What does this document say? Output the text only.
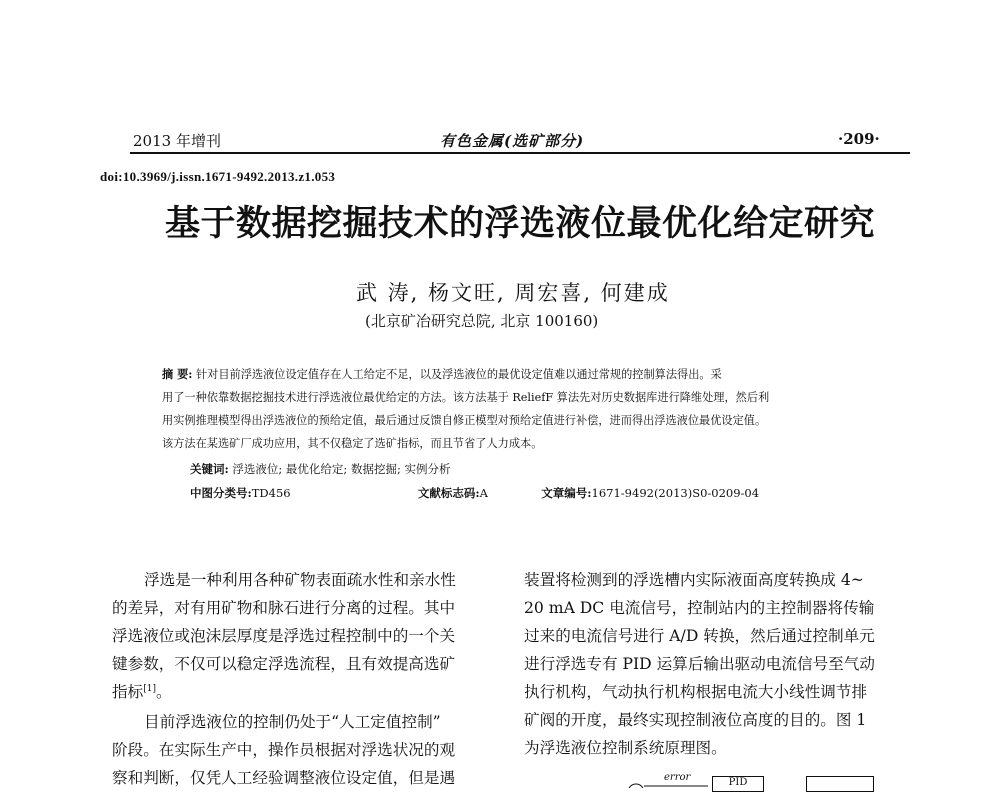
2013 年增刊	有色金属(选矿部分)	·209·
doi:10.3969/j.issn.1671-9492.2013.z1.053
基于数据挖掘技术的浮选液位最优化给定研究
武 涛, 杨文旺, 周宏喜, 何建成
(北京矿冶研究总院, 北京 100160)
摘 要: 针对目前浮选液位设定值存在人工给定不足，以及浮选液位的最优设定值难以通过常规的控制算法得出。采
用了一种依靠数据挖掘技术进行浮选液位最优给定的方法。该方法基于 ReliefF 算法先对历史数据库进行降维处理，然后利
用实例推理模型得出浮选液位的预给定值，最后通过反馈自修正模型对预给定值进行补偿，进而得出浮选液位最优设定值。
该方法在某选矿厂成功应用，其不仅稳定了选矿指标，而且节省了人力成本。
关键词: 浮选液位; 最优化给定; 数据挖掘; 实例分析
中图分类号:TD456	文献标志码:A	文章编号:1671-9492(2013)S0-0209-04
浮选是一种利用各种矿物表面疏水性和亲水性
的差异，对有用矿物和脉石进行分离的过程。其中
浮选液位或泡沫层厚度是浮选过程控制中的一个关
键参数，不仅可以稳定浮选流程，且有效提高选矿
指标[1]。
目前浮选液位的控制仍处于“人工定值控制”
阶段。在实际生产中，操作员根据对浮选状况的观
察和判断，仅凭人工经验调整液位设定值，但是遇
装置将检测到的浮选槽内实际液面高度转换成 4~
20 mA DC 电流信号，控制站内的主控制器将传输
过来的电流信号进行 A/D 转换，然后通过控制单元
进行浮选专有 PID 运算后输出驱动电流信号至气动
执行机构，气动执行机构根据电流大小线性调节排
矿阀的开度，最终实现控制液位高度的目的。图 1
为浮选液位控制系统原理图。
error	PID
